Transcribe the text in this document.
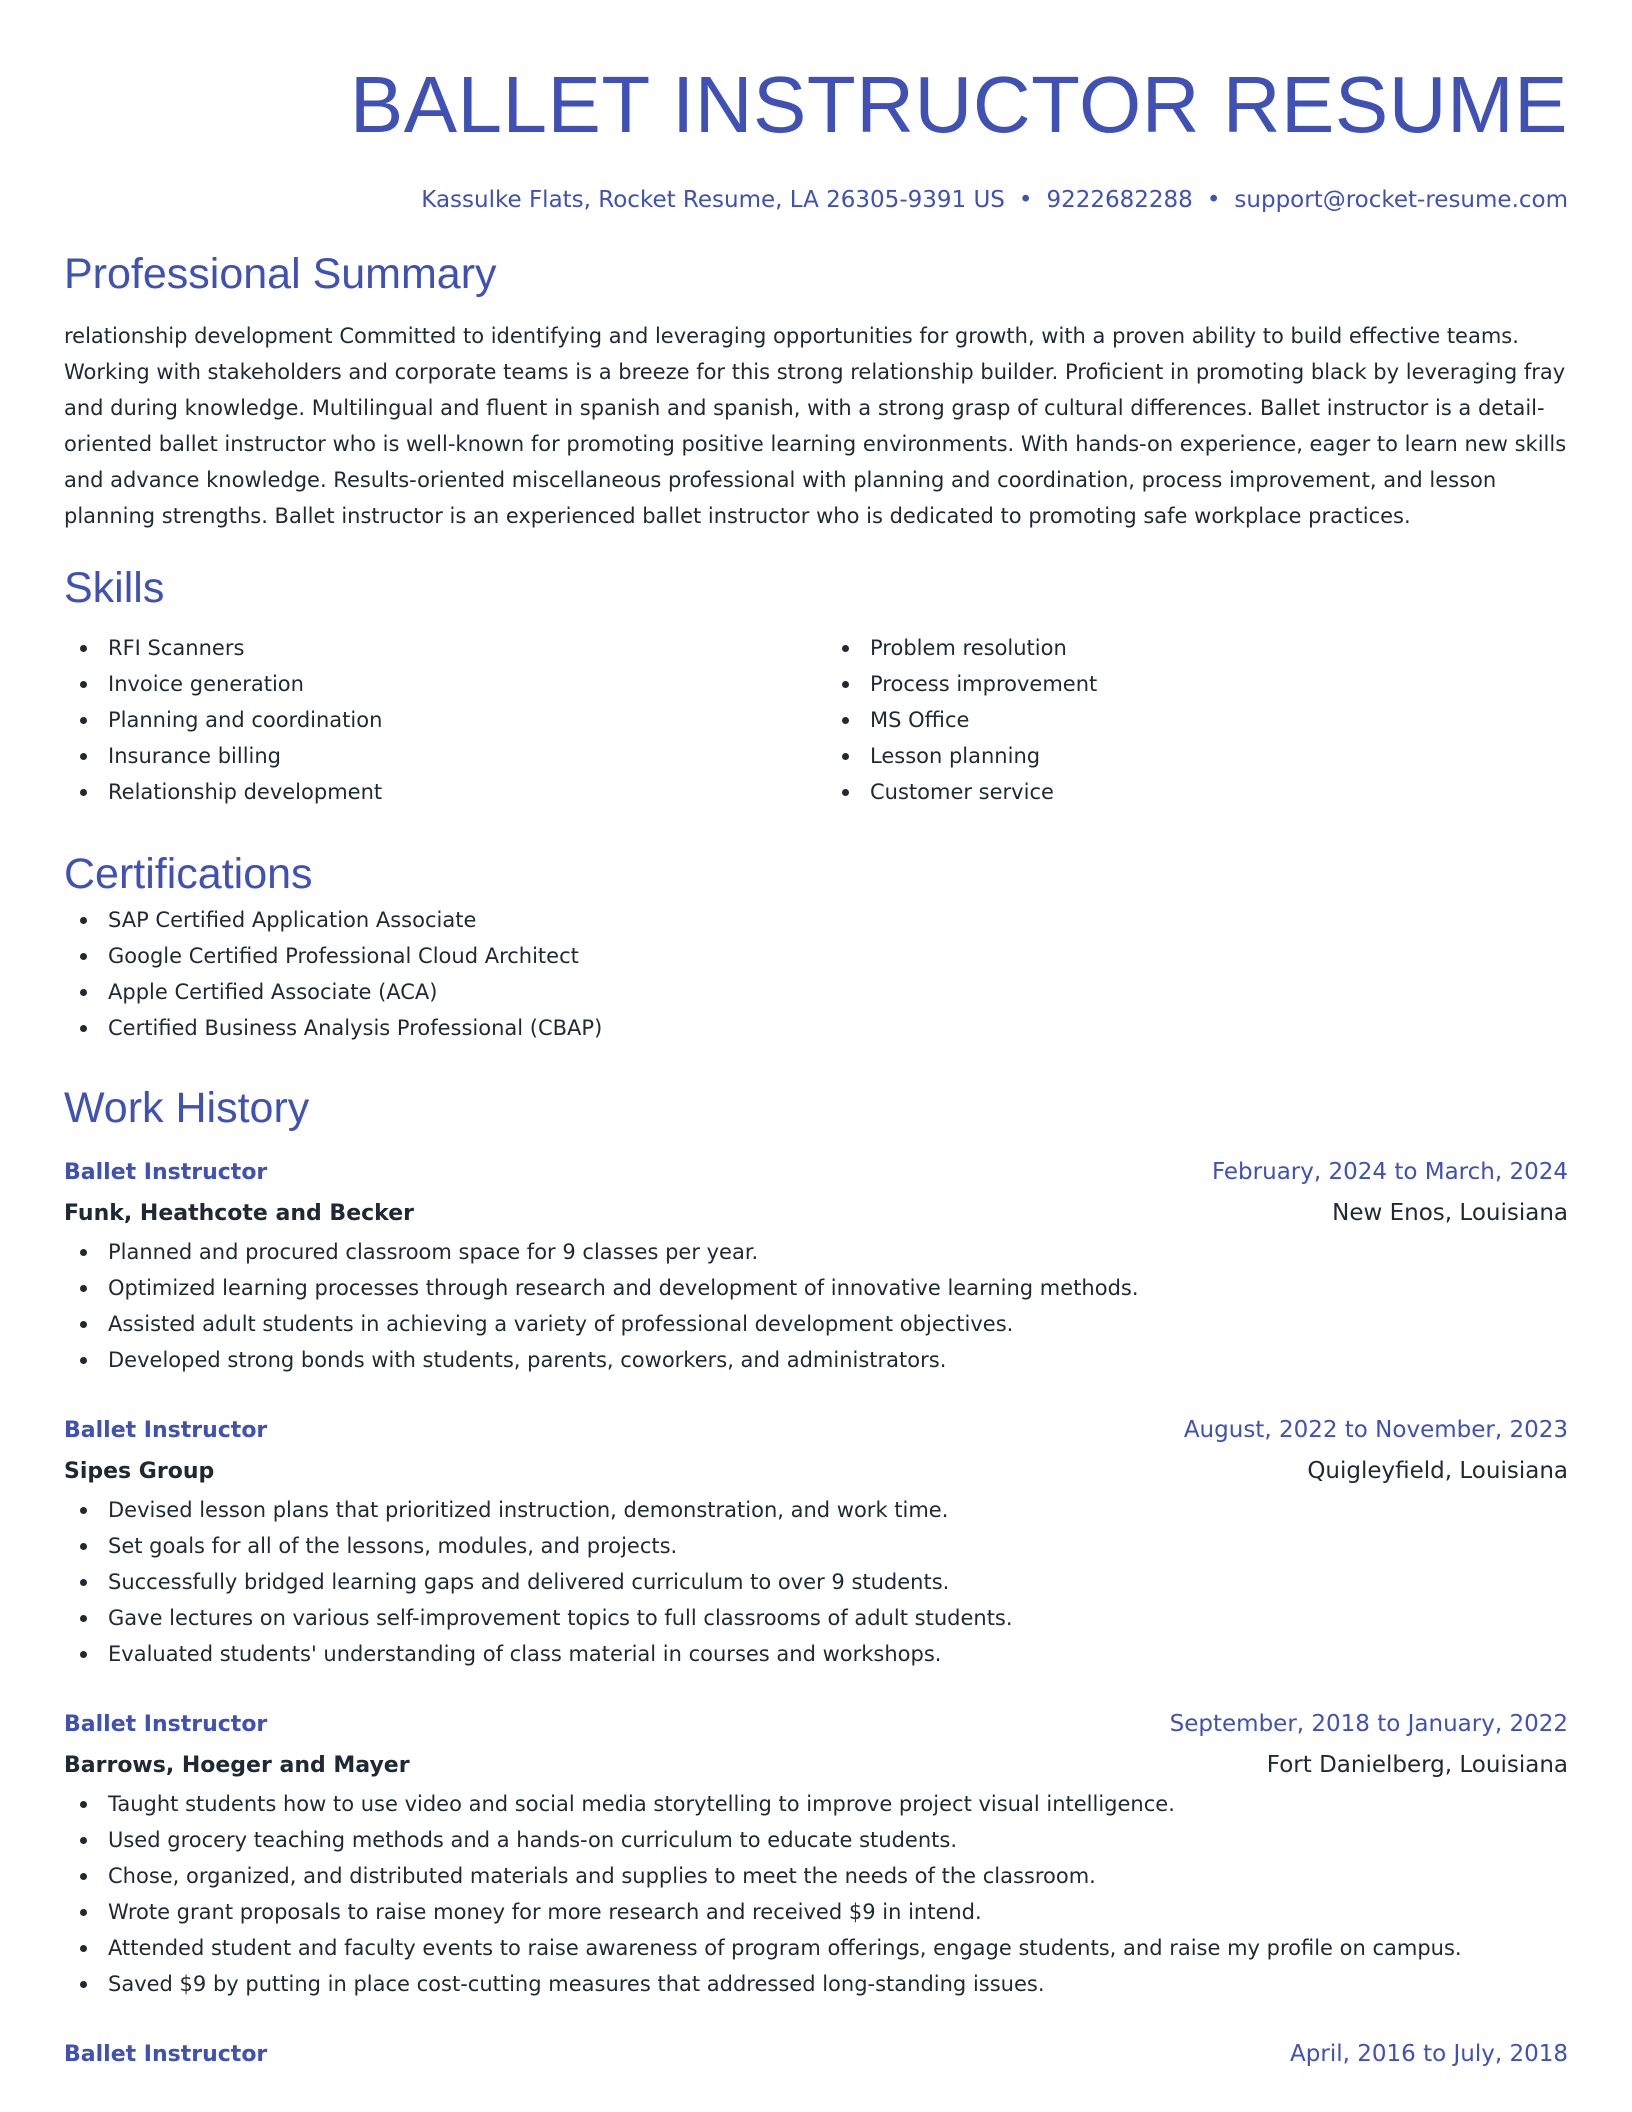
BALLET INSTRUCTOR RESUME
Kassulke Flats, Rocket Resume, LA 26305-9391 US • 9222682288 • support@rocket-resume.com
Professional Summary

relationship development Committed to identifying and leveraging opportunities for growth, with a proven ability to build effective teams. Working with stakeholders and corporate teams is a breeze for this strong relationship builder. Proficient in promoting black by leveraging fray and during knowledge. Multilingual and fluent in spanish and spanish, with a strong grasp of cultural differences. Ballet instructor is a detail-oriented ballet instructor who is well-known for promoting positive learning environments. With hands-on experience, eager to learn new skills and advance knowledge. Results-oriented miscellaneous professional with planning and coordination, process improvement, and lesson planning strengths. Ballet instructor is an experienced ballet instructor who is dedicated to promoting safe workplace practices.

Skills
RFI Scanners
Invoice generation
Planning and coordination
Insurance billing
Relationship development
Problem resolution
Process improvement
MS Office
Lesson planning
Customer service
Certifications
SAP Certified Application Associate
Google Certified Professional Cloud Architect
Apple Certified Associate (ACA)
Certified Business Analysis Professional (CBAP)
Work History
Ballet Instructor	February, 2024 to March, 2024
Funk, Heathcote and Becker	New Enos, Louisiana
Planned and procured classroom space for 9 classes per year.
Optimized learning processes through research and development of innovative learning methods.
Assisted adult students in achieving a variety of professional development objectives.
Developed strong bonds with students, parents, coworkers, and administrators.
Ballet Instructor	August, 2022 to November, 2023
Sipes Group	Quigleyfield, Louisiana
Devised lesson plans that prioritized instruction, demonstration, and work time.
Set goals for all of the lessons, modules, and projects.
Successfully bridged learning gaps and delivered curriculum to over 9 students.
Gave lectures on various self-improvement topics to full classrooms of adult students.
Evaluated students' understanding of class material in courses and workshops.
Ballet Instructor	September, 2018 to January, 2022
Barrows, Hoeger and Mayer	Fort Danielberg, Louisiana
Taught students how to use video and social media storytelling to improve project visual intelligence.
Used grocery teaching methods and a hands-on curriculum to educate students.
Chose, organized, and distributed materials and supplies to meet the needs of the classroom.
Wrote grant proposals to raise money for more research and received $9 in intend.
Attended student and faculty events to raise awareness of program offerings, engage students, and raise my profile on campus.
Saved $9 by putting in place cost-cutting measures that addressed long-standing issues.
Ballet Instructor	April, 2016 to July, 2018
